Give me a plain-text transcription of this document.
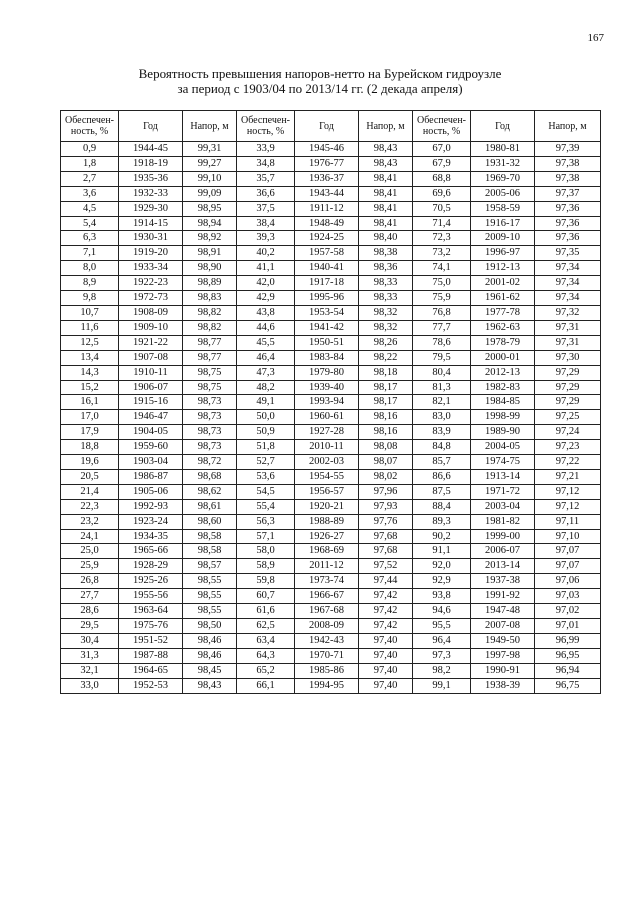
167
Вероятность превышения напоров-нетто на Бурейском гидроузле
за период с 1903/04 по 2013/14 гг. (2 декада апреля)
Обеспечен-ность, %	Год	Напор, м	Обеспечен-ность, %	Год	Напор, м	Обеспечен-ность, %	Год	Напор, м
0,9	1944-45	99,31	33,9	1945-46	98,43	67,0	1980-81	97,39
1,8	1918-19	99,27	34,8	1976-77	98,43	67,9	1931-32	97,38
2,7	1935-36	99,10	35,7	1936-37	98,41	68,8	1969-70	97,38
3,6	1932-33	99,09	36,6	1943-44	98,41	69,6	2005-06	97,37
4,5	1929-30	98,95	37,5	1911-12	98,41	70,5	1958-59	97,36
5,4	1914-15	98,94	38,4	1948-49	98,41	71,4	1916-17	97,36
6,3	1930-31	98,92	39,3	1924-25	98,40	72,3	2009-10	97,36
7,1	1919-20	98,91	40,2	1957-58	98,38	73,2	1996-97	97,35
8,0	1933-34	98,90	41,1	1940-41	98,36	74,1	1912-13	97,34
8,9	1922-23	98,89	42,0	1917-18	98,33	75,0	2001-02	97,34
9,8	1972-73	98,83	42,9	1995-96	98,33	75,9	1961-62	97,34
10,7	1908-09	98,82	43,8	1953-54	98,32	76,8	1977-78	97,32
11,6	1909-10	98,82	44,6	1941-42	98,32	77,7	1962-63	97,31
12,5	1921-22	98,77	45,5	1950-51	98,26	78,6	1978-79	97,31
13,4	1907-08	98,77	46,4	1983-84	98,22	79,5	2000-01	97,30
14,3	1910-11	98,75	47,3	1979-80	98,18	80,4	2012-13	97,29
15,2	1906-07	98,75	48,2	1939-40	98,17	81,3	1982-83	97,29
16,1	1915-16	98,73	49,1	1993-94	98,17	82,1	1984-85	97,29
17,0	1946-47	98,73	50,0	1960-61	98,16	83,0	1998-99	97,25
17,9	1904-05	98,73	50,9	1927-28	98,16	83,9	1989-90	97,24
18,8	1959-60	98,73	51,8	2010-11	98,08	84,8	2004-05	97,23
19,6	1903-04	98,72	52,7	2002-03	98,07	85,7	1974-75	97,22
20,5	1986-87	98,68	53,6	1954-55	98,02	86,6	1913-14	97,21
21,4	1905-06	98,62	54,5	1956-57	97,96	87,5	1971-72	97,12
22,3	1992-93	98,61	55,4	1920-21	97,93	88,4	2003-04	97,12
23,2	1923-24	98,60	56,3	1988-89	97,76	89,3	1981-82	97,11
24,1	1934-35	98,58	57,1	1926-27	97,68	90,2	1999-00	97,10
25,0	1965-66	98,58	58,0	1968-69	97,68	91,1	2006-07	97,07
25,9	1928-29	98,57	58,9	2011-12	97,52	92,0	2013-14	97,07
26,8	1925-26	98,55	59,8	1973-74	97,44	92,9	1937-38	97,06
27,7	1955-56	98,55	60,7	1966-67	97,42	93,8	1991-92	97,03
28,6	1963-64	98,55	61,6	1967-68	97,42	94,6	1947-48	97,02
29,5	1975-76	98,50	62,5	2008-09	97,42	95,5	2007-08	97,01
30,4	1951-52	98,46	63,4	1942-43	97,40	96,4	1949-50	96,99
31,3	1987-88	98,46	64,3	1970-71	97,40	97,3	1997-98	96,95
32,1	1964-65	98,45	65,2	1985-86	97,40	98,2	1990-91	96,94
33,0	1952-53	98,43	66,1	1994-95	97,40	99,1	1938-39	96,75
